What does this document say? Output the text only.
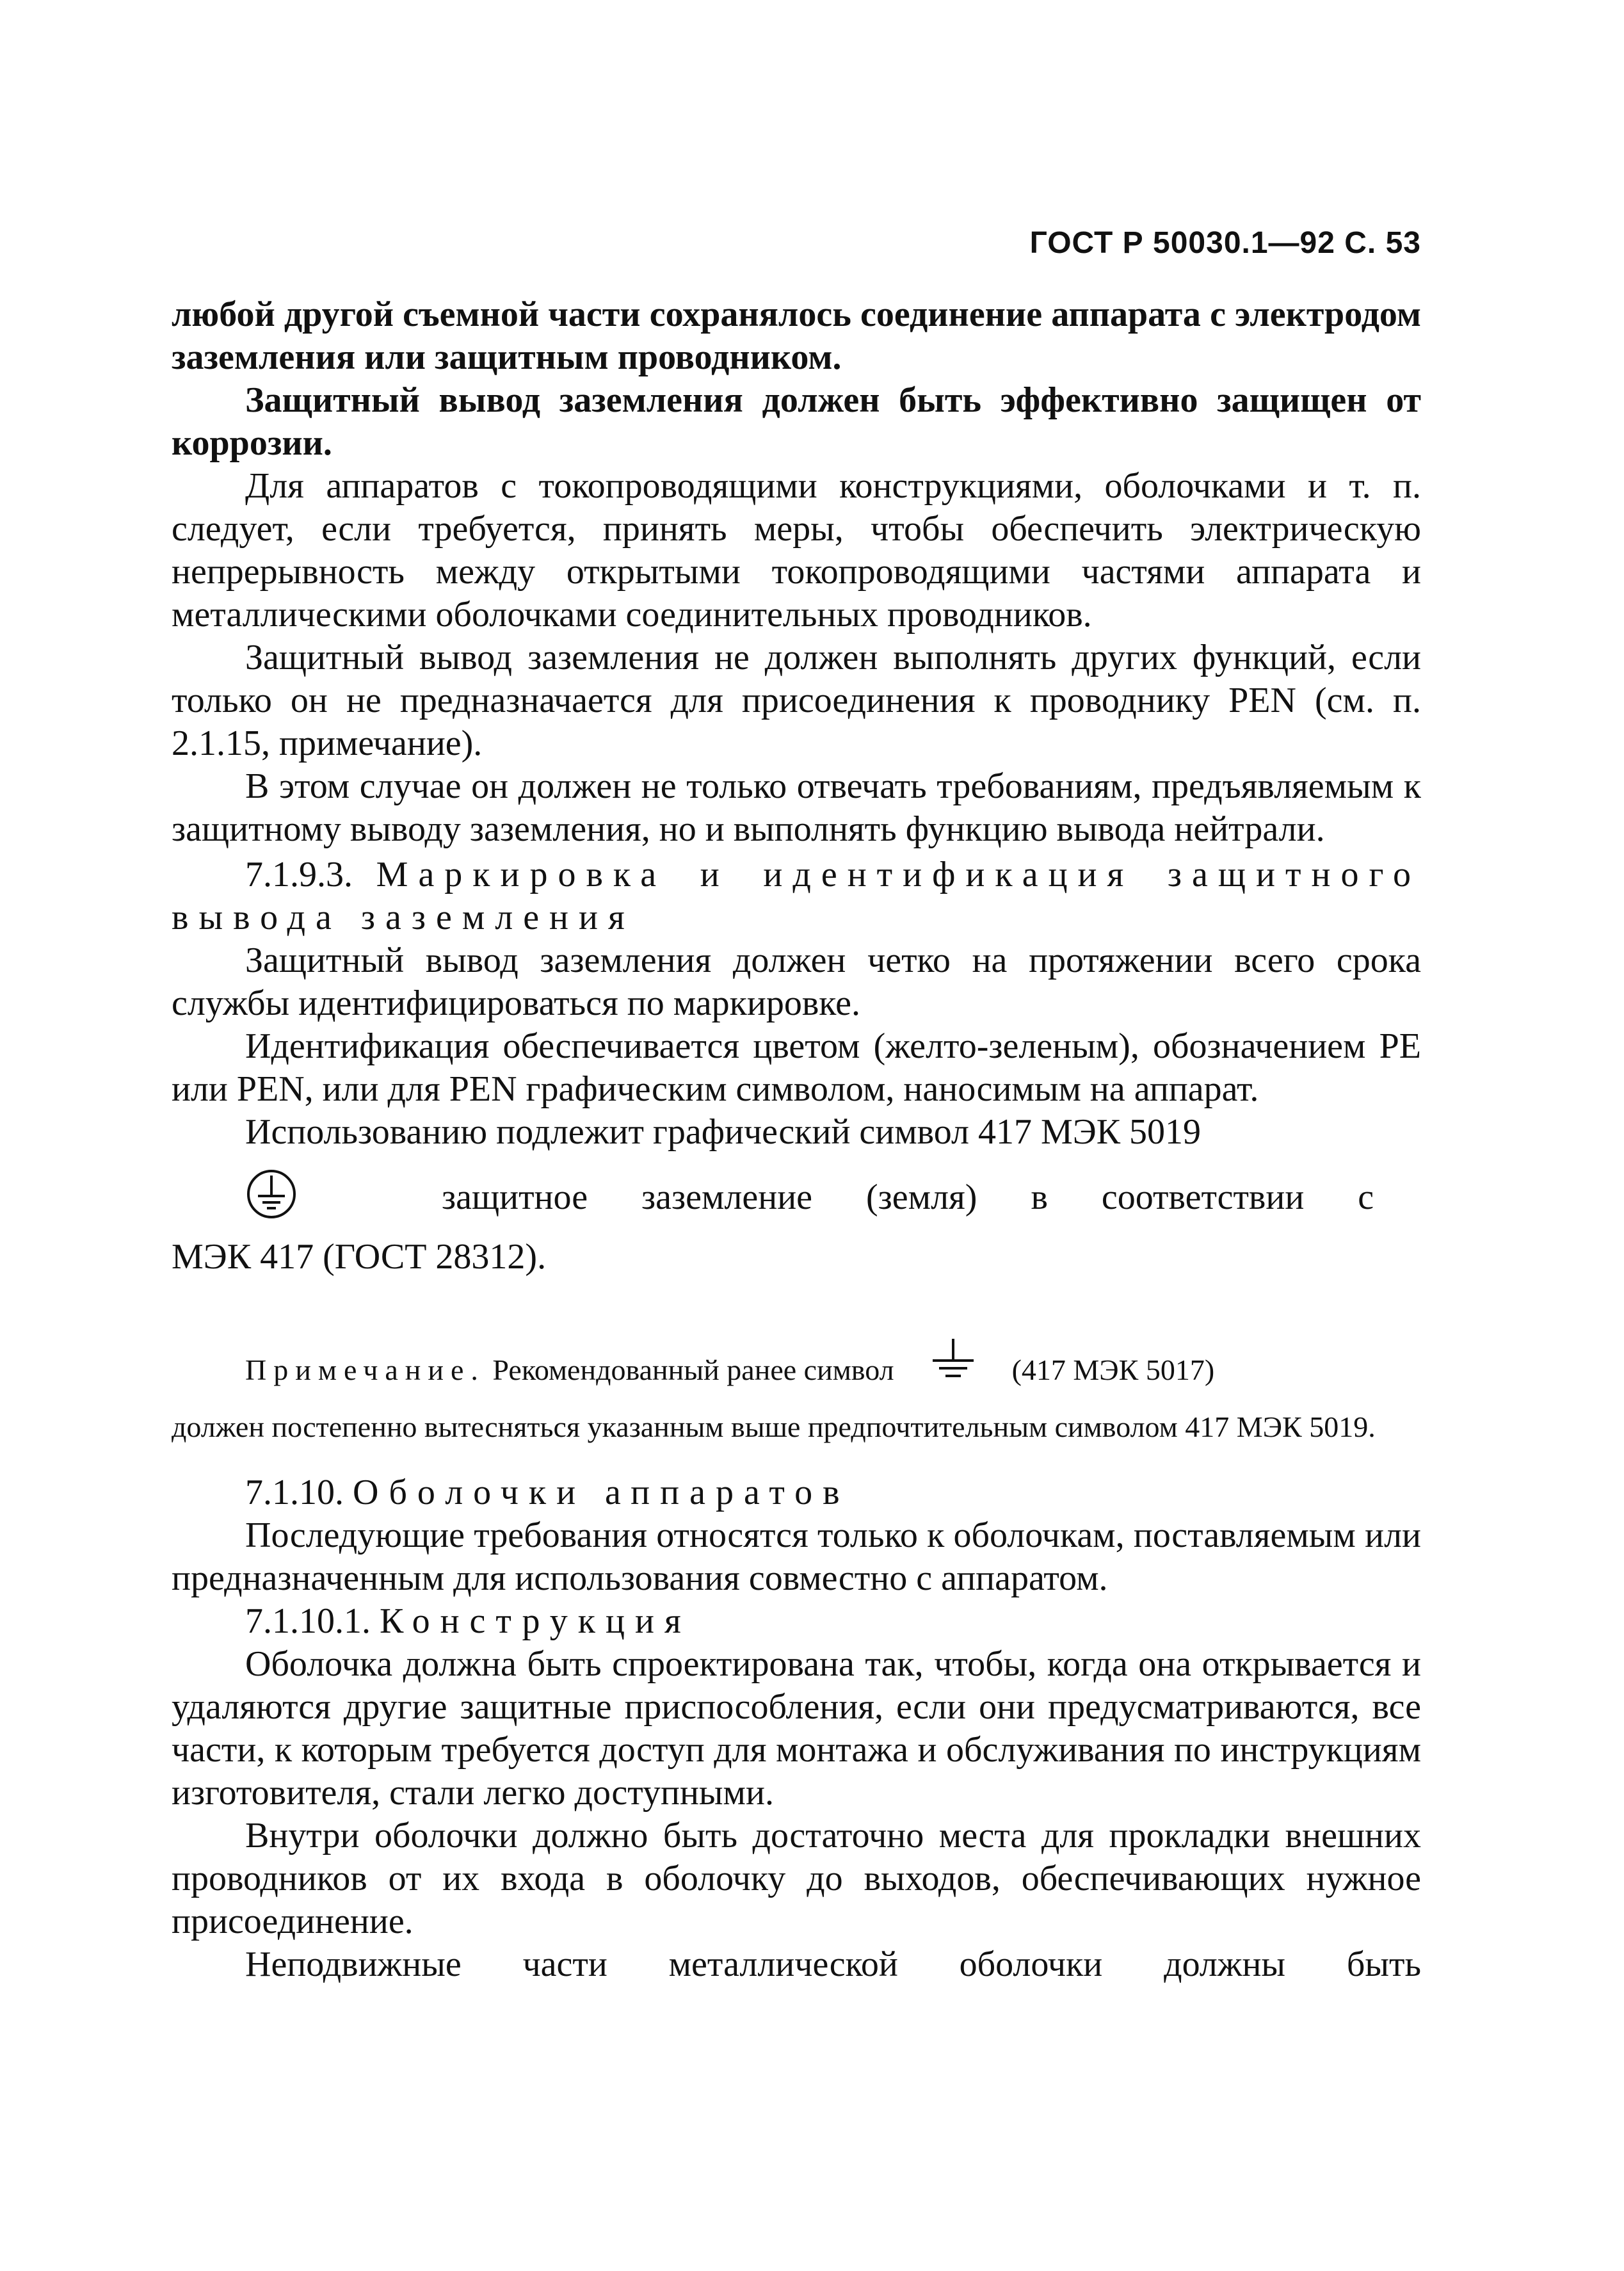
ГОСТ Р 50030.1—92 С. 53

любой другой съемной части сохранялось соединение аппарата с электродом заземления или защитным проводником.

Защитный вывод заземления должен быть эффективно защищен от коррозии.

Для аппаратов с токопроводящими конструкциями, оболочками и т. п. следует, если требуется, принять меры, чтобы обеспечить электрическую непрерывность между открытыми токопроводящими частями аппарата и металлическими оболочками соединительных проводников.

Защитный вывод заземления не должен выполнять других функций, если только он не предназначается для присоединения к проводнику PEN (см. п. 2.1.15, примечание).

В этом случае он должен не только отвечать требованиям, предъявляемым к защитному выводу заземления, но и выполнять функцию вывода нейтрали.

7.1.9.3. Маркировка и идентификация защитного вывода заземления

Защитный вывод заземления должен четко на протяжении всего срока службы идентифицироваться по маркировке.

Идентификация обеспечивается цветом (желто-зеленым), обозначением PE или PEN, или для PEN графическим символом, наносимым на аппарат.

Использованию подлежит графический символ 417 МЭК 5019

защитное заземление (земля) в соответствии с

МЭК 417 (ГОСТ 28312).

Примечание. Рекомендованный ранее символ	(417 МЭК 5017)

должен постепенно вытесняться указанным выше предпочтительным символом 417 МЭК 5019.

7.1.10. Оболочки аппаратов

Последующие требования относятся только к оболочкам, поставляемым или предназначенным для использования совместно с аппаратом.

7.1.10.1. Конструкция

Оболочка должна быть спроектирована так, чтобы, когда она открывается и удаляются другие защитные приспособления, если они предусматриваются, все части, к которым требуется доступ для монтажа и обслуживания по инструкциям изготовителя, стали легко доступными.

Внутри оболочки должно быть достаточно места для прокладки внешних проводников от их входа в оболочку до выходов, обеспечивающих нужное присоединение.

Неподвижные части металлической оболочки должны быть
